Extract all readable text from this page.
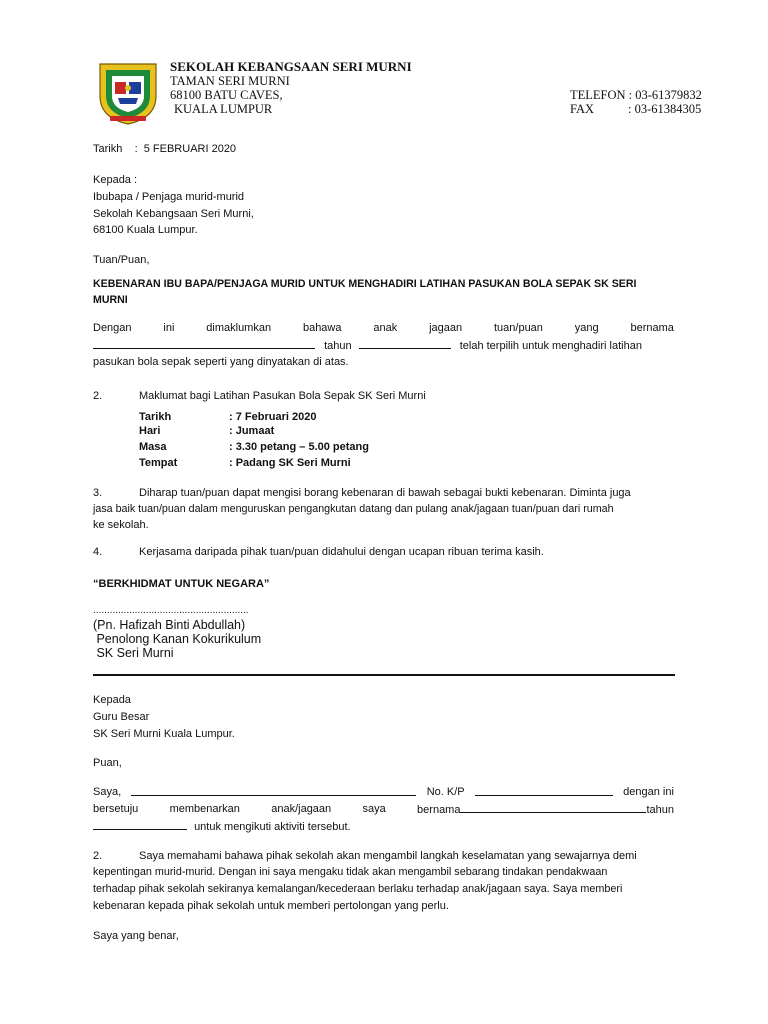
SEKOLAH KEBANGSAAN SERI MURNI
TAMAN SERI MURNI
68100 BATU CAVES,
KUALA LUMPUR
TELEFON : 03-61379832
FAX	: 03-61384305
Tarikh    :  5 FEBRUARI 2020
Kepada :
Ibubapa / Penjaga murid-murid
Sekolah Kebangsaan Seri Murni,
68100 Kuala Lumpur.
Tuan/Puan,
KEBENARAN IBU BAPA/PENJAGA MURID UNTUK MENGHADIRI LATIHAN PASUKAN BOLA SEPAK SK SERI
MURNI
Dengan	ini	dimaklumkan	bahawa	anak	jagaan	tuan/puan	yang	bernama
tahun	telah terpilih untuk menghadiri latihan
pasukan bola sepak seperti yang dinyatakan di atas.
2.	Maklumat bagi Latihan Pasukan Bola Sepak SK Seri Murni
Tarikh	: 7 Februari 2020
Hari	: Jumaat
Masa	: 3.30 petang – 5.00 petang
Tempat	: Padang SK Seri Murni
3.	Diharap tuan/puan dapat mengisi borang kebenaran di bawah sebagai bukti kebenaran. Diminta juga
jasa baik tuan/puan dalam menguruskan pengangkutan datang dan pulang anak/jagaan tuan/puan dari rumah
ke sekolah.
4.	Kerjasama daripada pihak tuan/puan didahului dengan ucapan ribuan terima kasih.
“BERKHIDMAT UNTUK NEGARA”
........................................................
(Pn. Hafizah Binti Abdullah)
Penolong Kanan Kokurikulum
SK Seri Murni
Kepada
Guru Besar
SK Seri Murni Kuala Lumpur.
Puan,
Saya,	No. K/P	dengan ini
bersetuju	membenarkan	anak/jagaan	saya	bernama	tahun
untuk mengikuti aktiviti tersebut.
2.	Saya memahami bahawa pihak sekolah akan mengambil langkah keselamatan yang sewajarnya demi
kepentingan murid-murid. Dengan ini saya mengaku tidak akan mengambil sebarang tindakan pendakwaan
terhadap pihak sekolah sekiranya kemalangan/kecederaan berlaku terhadap anak/jagaan saya. Saya memberi
kebenaran kepada pihak sekolah untuk memberi pertolongan yang perlu.
Saya yang benar,
